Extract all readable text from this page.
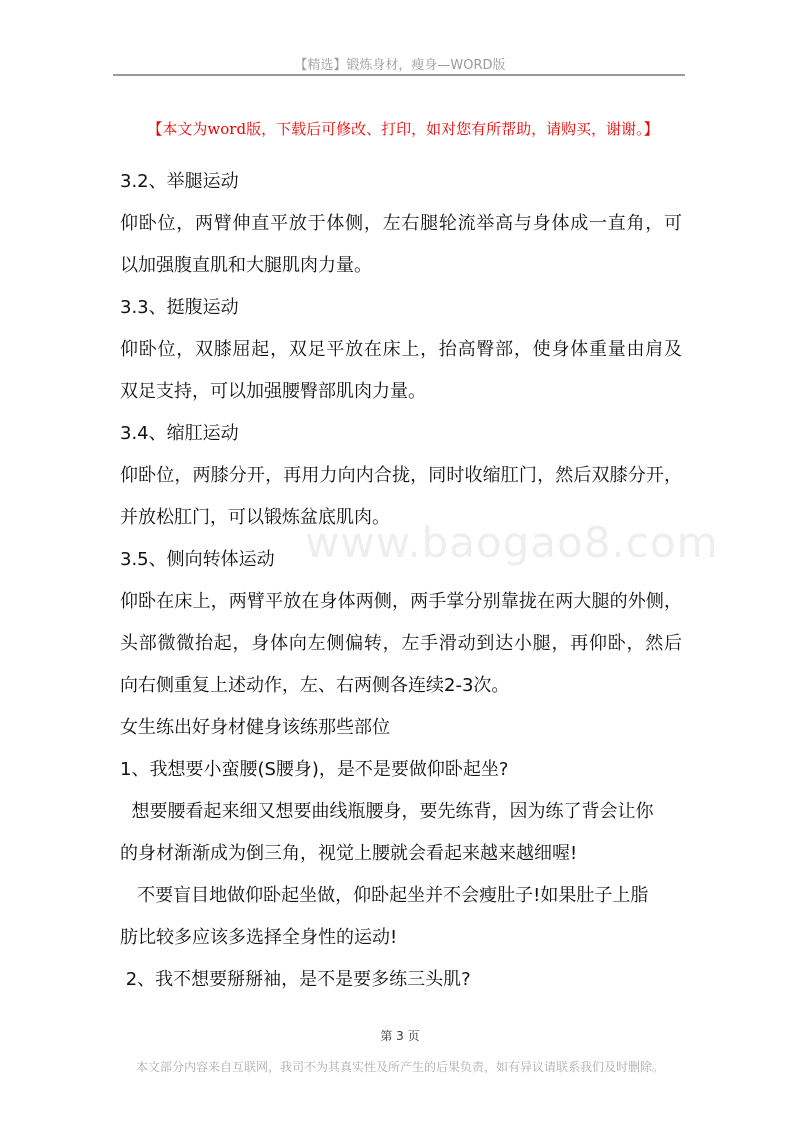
【精选】锻炼身材，瘦身—WORD版
【本文为word版，下载后可修改、打印，如对您有所帮助，请购买，谢谢。】
www.baogao8.com
3.2、举腿运动
仰卧位，两臂伸直平放于体侧，左右腿轮流举高与身体成一直角，可
以加强腹直肌和大腿肌肉力量。
3.3、挺腹运动
仰卧位，双膝屈起，双足平放在床上，抬高臀部，使身体重量由肩及
双足支持，可以加强腰臀部肌肉力量。
3.4、缩肛运动
仰卧位，两膝分开，再用力向内合拢，同时收缩肛门，然后双膝分开，
并放松肛门，可以锻炼盆底肌肉。
3.5、侧向转体运动
仰卧在床上，两臂平放在身体两侧，两手掌分别靠拢在两大腿的外侧，
头部微微抬起，身体向左侧偏转，左手滑动到达小腿，再仰卧，然后
向右侧重复上述动作，左、右两侧各连续2-3次。
女生练出好身材健身该练那些部位
1、我想要小蛮腰(S腰身)，是不是要做仰卧起坐?
想要腰看起来细又想要曲线瓶腰身，要先练背，因为练了背会让你
的身材渐渐成为倒三角，视觉上腰就会看起来越来越细喔!
不要盲目地做仰卧起坐做，仰卧起坐并不会瘦肚子!如果肚子上脂
肪比较多应该多选择全身性的运动!
2、我不想要掰掰袖，是不是要多练三头肌?
第 3 页
本文部分内容来自互联网，我司不为其真实性及所产生的后果负责，如有异议请联系我们及时删除。
